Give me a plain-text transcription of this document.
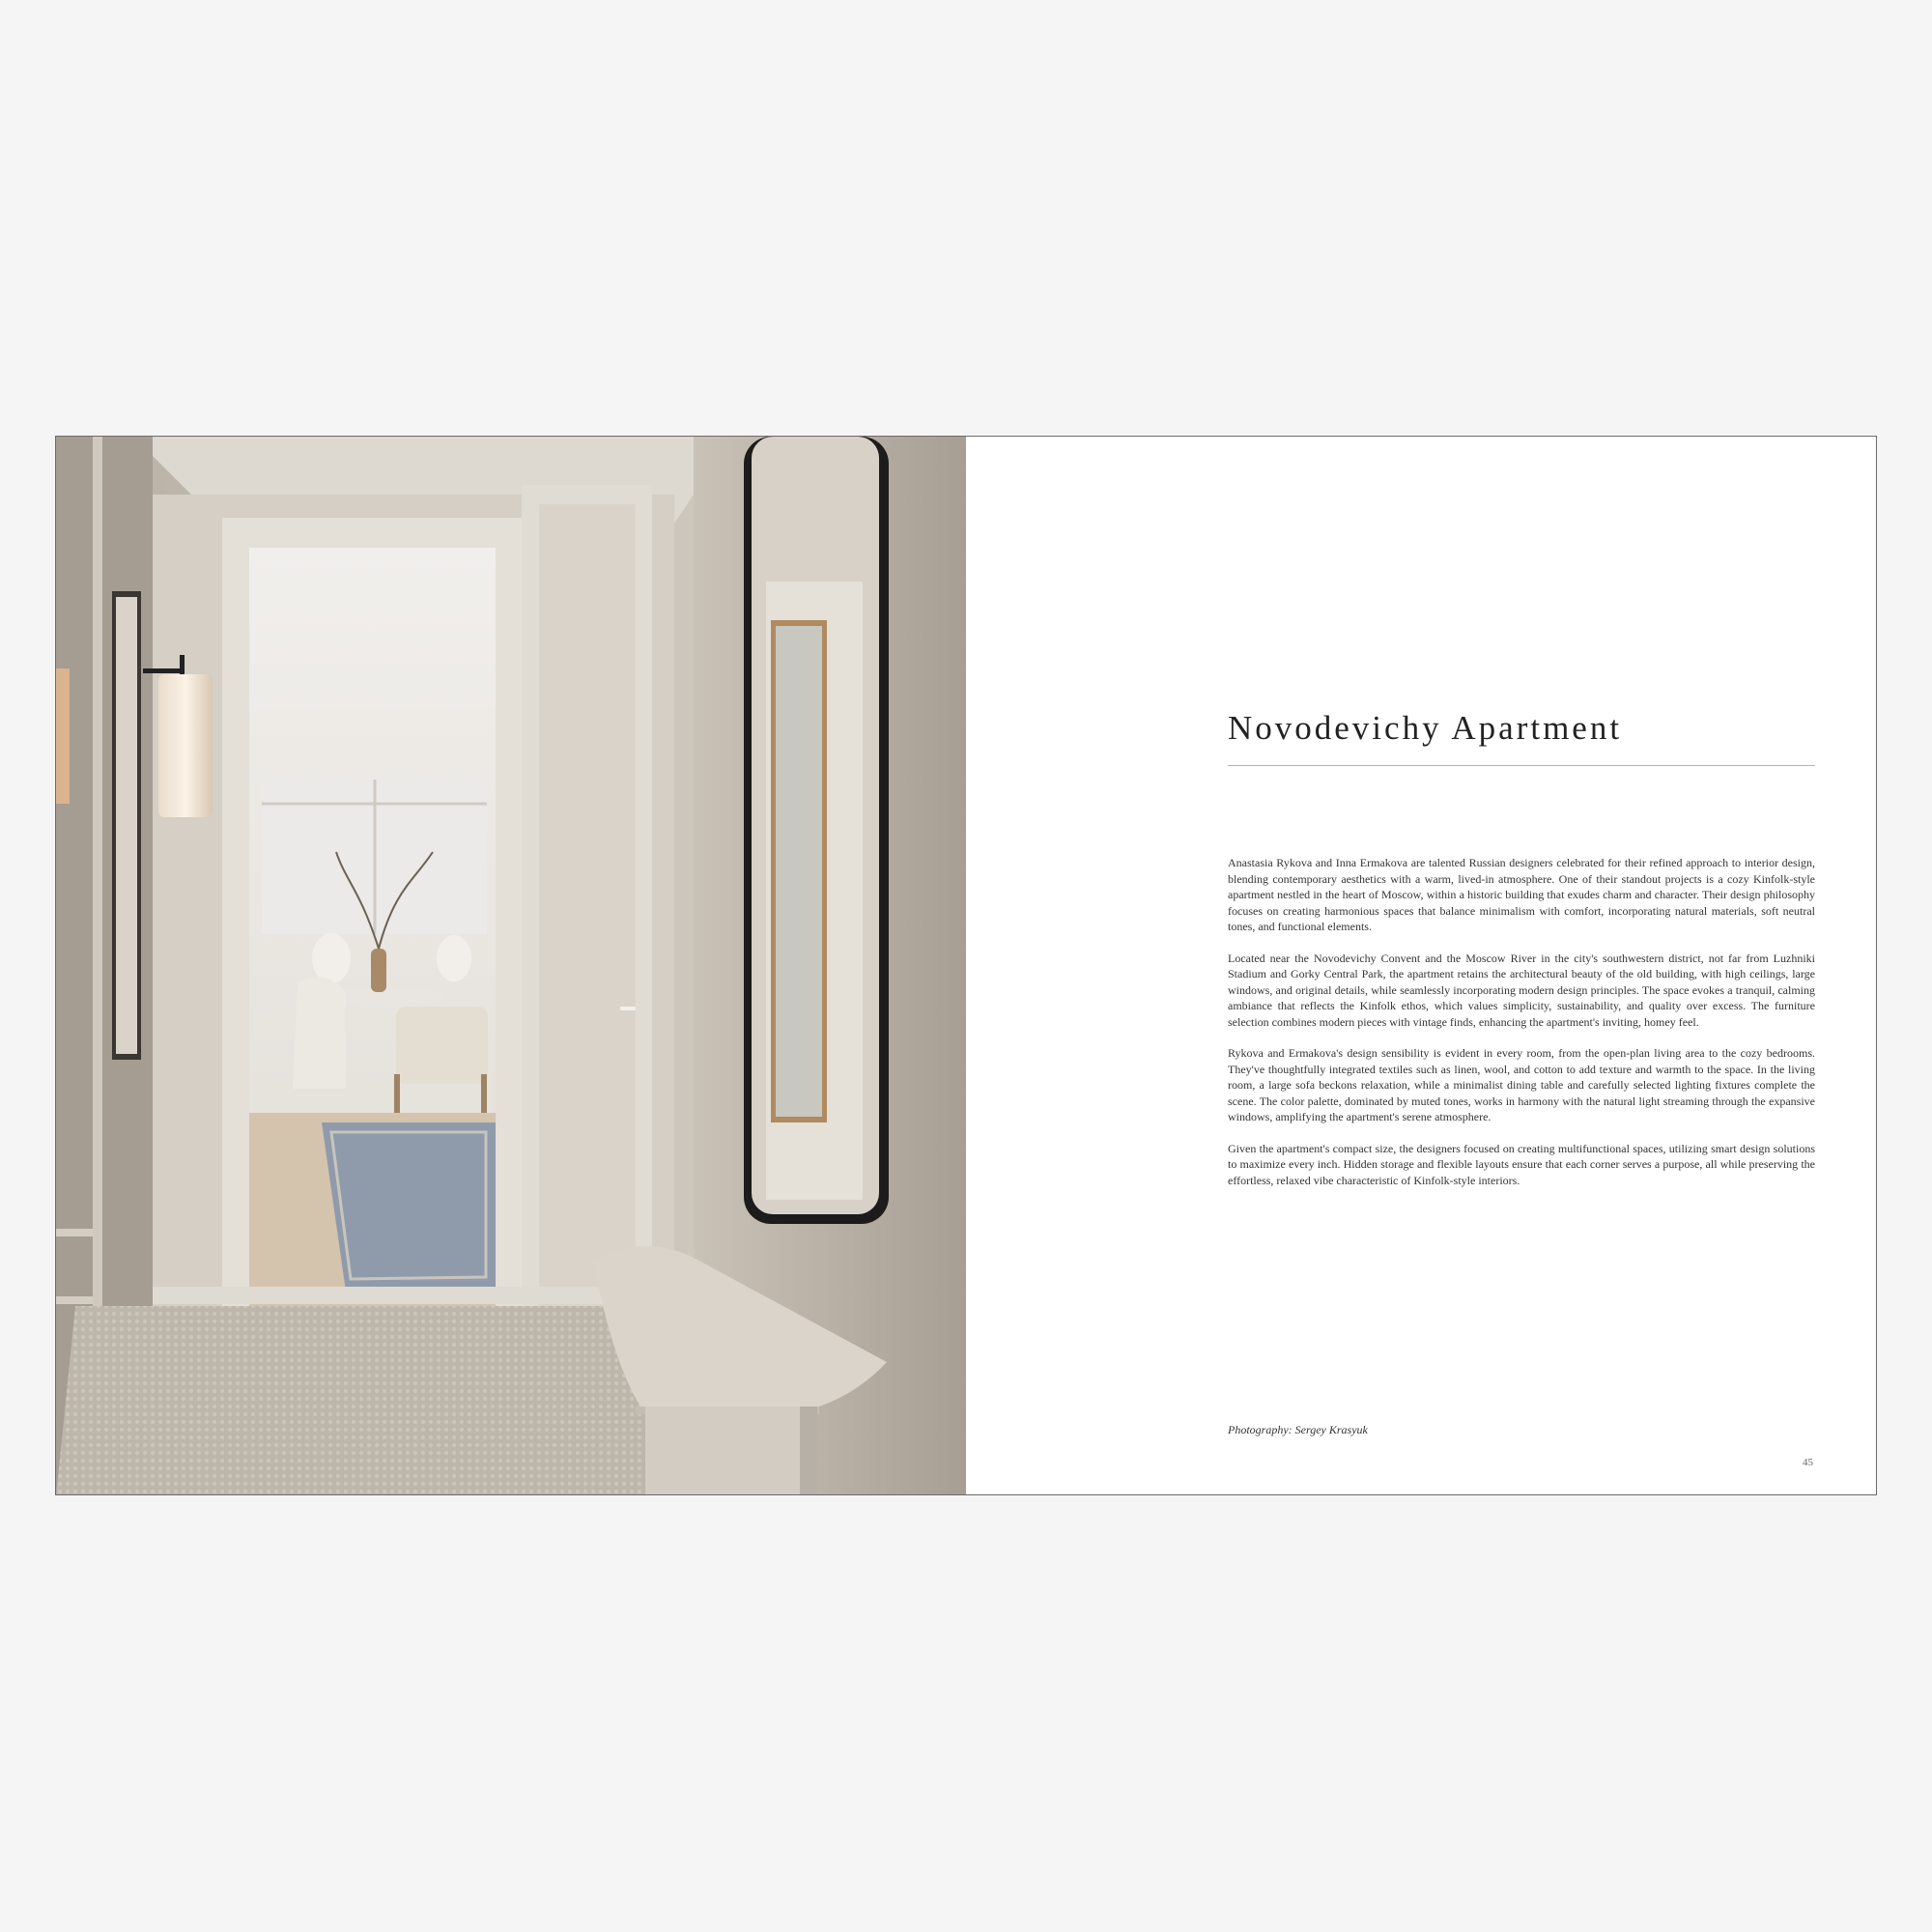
Novodevichy Apartment

Anastasia Rykova and Inna Ermakova are talented Russian designers celebrated for their refined approach to interior design, blending contemporary aesthetics with a warm, lived-in atmosphere. One of their standout projects is a cozy Kinfolk-style apartment nestled in the heart of Moscow, within a historic building that exudes charm and character. Their design philosophy focuses on creating harmonious spaces that balance minimalism with comfort, incorporating natural materials, soft neutral tones, and functional elements.

Located near the Novodevichy Convent and the Moscow River in the city's southwestern district, not far from Luzhniki Stadium and Gorky Central Park, the apartment retains the architectural beauty of the old building, with high ceilings, large windows, and original details, while seamlessly incorporating modern design principles. The space evokes a tranquil, calming ambiance that reflects the Kinfolk ethos, which values simplicity, sustainability, and quality over excess. The furniture selection combines modern pieces with vintage finds, enhancing the apartment's inviting, homey feel.

Rykova and Ermakova's design sensibility is evident in every room, from the open-plan living area to the cozy bedrooms. They've thoughtfully integrated textiles such as linen, wool, and cotton to add texture and warmth to the space. In the living room, a large sofa beckons relaxation, while a minimalist dining table and carefully selected lighting fixtures complete the scene. The color palette, dominated by muted tones, works in harmony with the natural light streaming through the expansive windows, amplifying the apartment's serene atmosphere.

Given the apartment's compact size, the designers focused on creating multifunctional spaces, utilizing smart design solutions to maximize every inch. Hidden storage and flexible layouts ensure that each corner serves a purpose, all while preserving the effortless, relaxed vibe characteristic of Kinfolk-style interiors.

Photography: Sergey Krasyuk
45
